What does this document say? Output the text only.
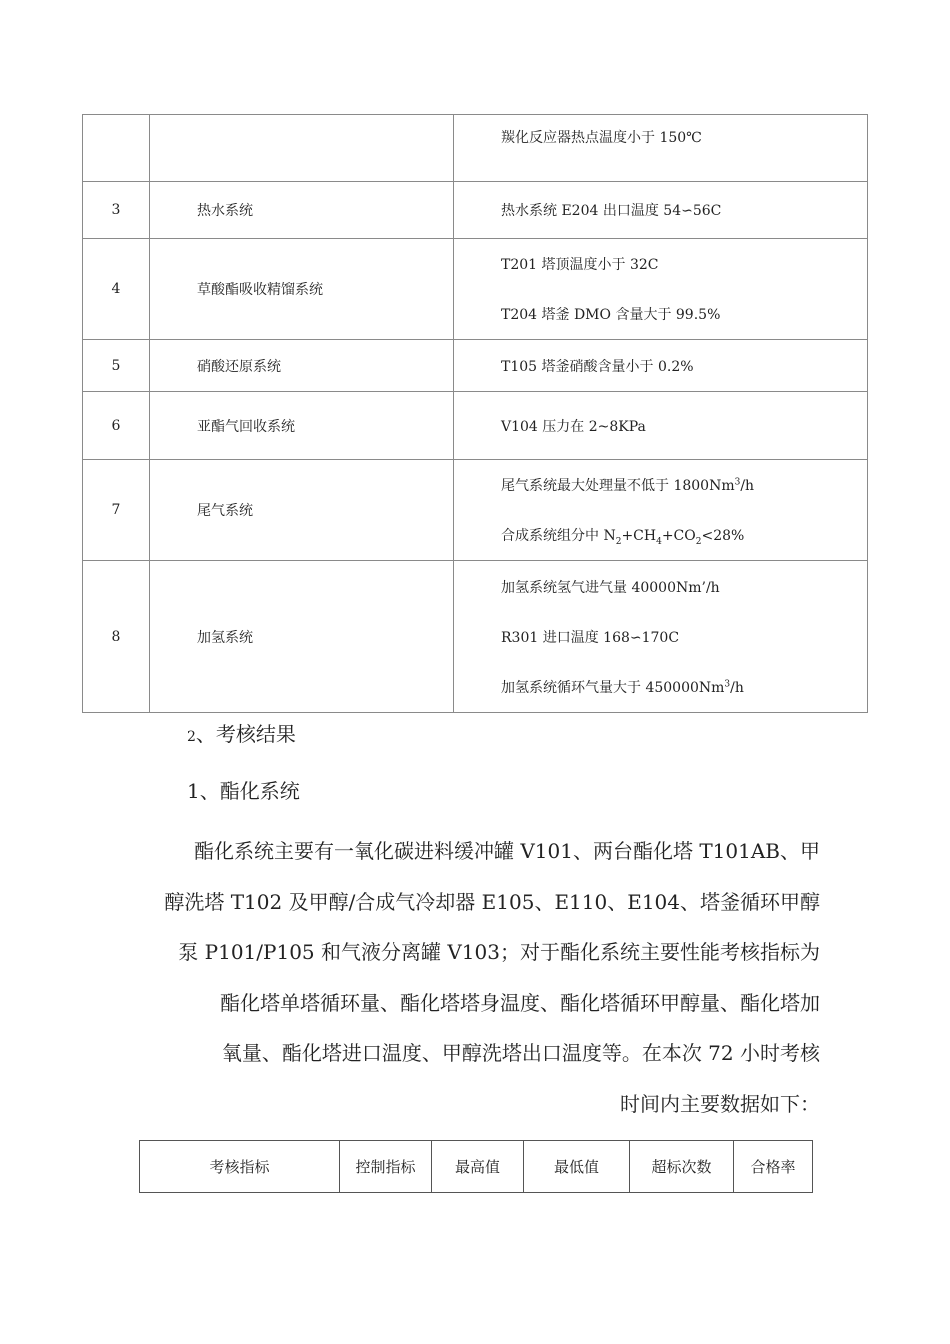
		羰化反应器热点温度小于 150℃

3	热水系统	热水系统 E204 出口温度 54∽56C

4	草酸酯吸收精馏系统	T201 塔顶温度小于 32C
T204 塔釜 DMO 含量大于 99.5%

5	硝酸还原系统	T105 塔釜硝酸含量小于 0.2%

6	亚酯气回收系统	V104 压力在 2~8KPa

7	尾气系统	尾气系统最大处理量不低于 1800Nm$^3$/h
合成系统组分中 $N_2+CH_4+CO_2<28\%$

8	加氢系统	加氢系统氢气进气量 40000Nm’/h
R301 进口温度 168∽170C
加氢系统循环气量大于 450000Nm$^3$/h
2、考核结果
1、酯化系统
酯化系统主要有一氧化碳进料缓冲罐 V101、两台酯化塔 T101AB、甲
醇洗塔 T102 及甲醇/合成气冷却器 E105、E110、E104、塔釜循环甲醇
泵 P101/P105 和气液分离罐 V103；对于酯化系统主要性能考核指标为
酯化塔单塔循环量、酯化塔塔身温度、酯化塔循环甲醇量、酯化塔加
氧量、酯化塔进口温度、甲醇洗塔出口温度等。在本次 72 小时考核
时间内主要数据如下：
考核指标	控制指标	最高值	最低值	超标次数	合格率
